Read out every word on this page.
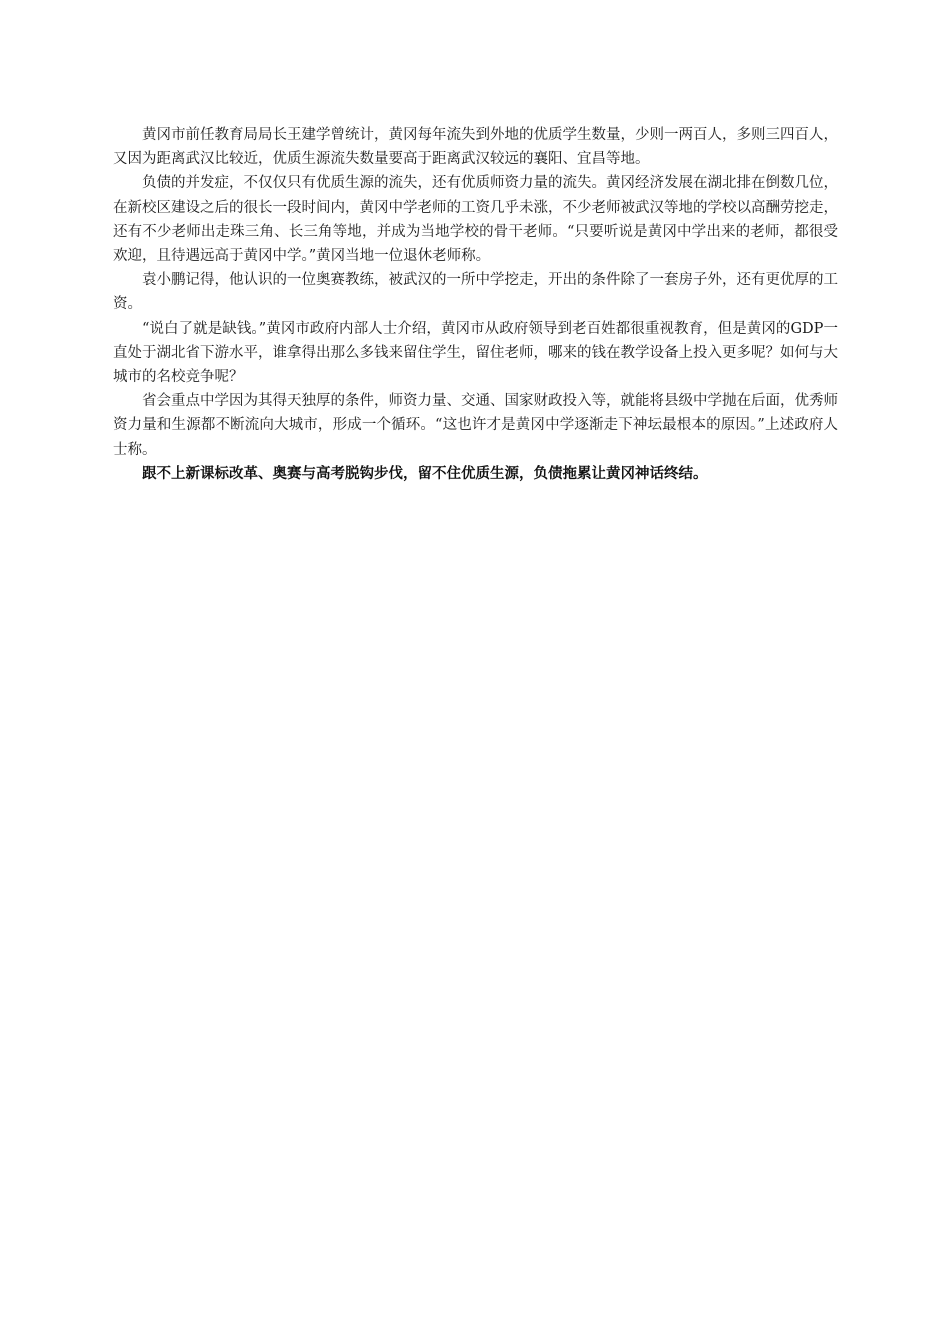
黄冈市前任教育局局长王建学曾统计，黄冈每年流失到外地的优质学生数量，少则一两百人，多则三四百人，又因为距离武汉比较近，优质生源流失数量要高于距离武汉较远的襄阳、宜昌等地。

负债的并发症，不仅仅只有优质生源的流失，还有优质师资力量的流失。黄冈经济发展在湖北排在倒数几位，在新校区建设之后的很长一段时间内，黄冈中学老师的工资几乎未涨，不少老师被武汉等地的学校以高酬劳挖走，还有不少老师出走珠三角、长三角等地，并成为当地学校的骨干老师。“只要听说是黄冈中学出来的老师，都很受欢迎，且待遇远高于黄冈中学。”黄冈当地一位退休老师称。

袁小鹏记得，他认识的一位奥赛教练，被武汉的一所中学挖走，开出的条件除了一套房子外，还有更优厚的工资。

“说白了就是缺钱。”黄冈市政府内部人士介绍，黄冈市从政府领导到老百姓都很重视教育，但是黄冈的GDP一直处于湖北省下游水平，谁拿得出那么多钱来留住学生，留住老师，哪来的钱在教学设备上投入更多呢？如何与大城市的名校竞争呢？

省会重点中学因为其得天独厚的条件，师资力量、交通、国家财政投入等，就能将县级中学抛在后面，优秀师资力量和生源都不断流向大城市，形成一个循环。“这也许才是黄冈中学逐渐走下神坛最根本的原因。”上述政府人士称。

跟不上新课标改革、奥赛与高考脱钩步伐，留不住优质生源，负债拖累让黄冈神话终结。
